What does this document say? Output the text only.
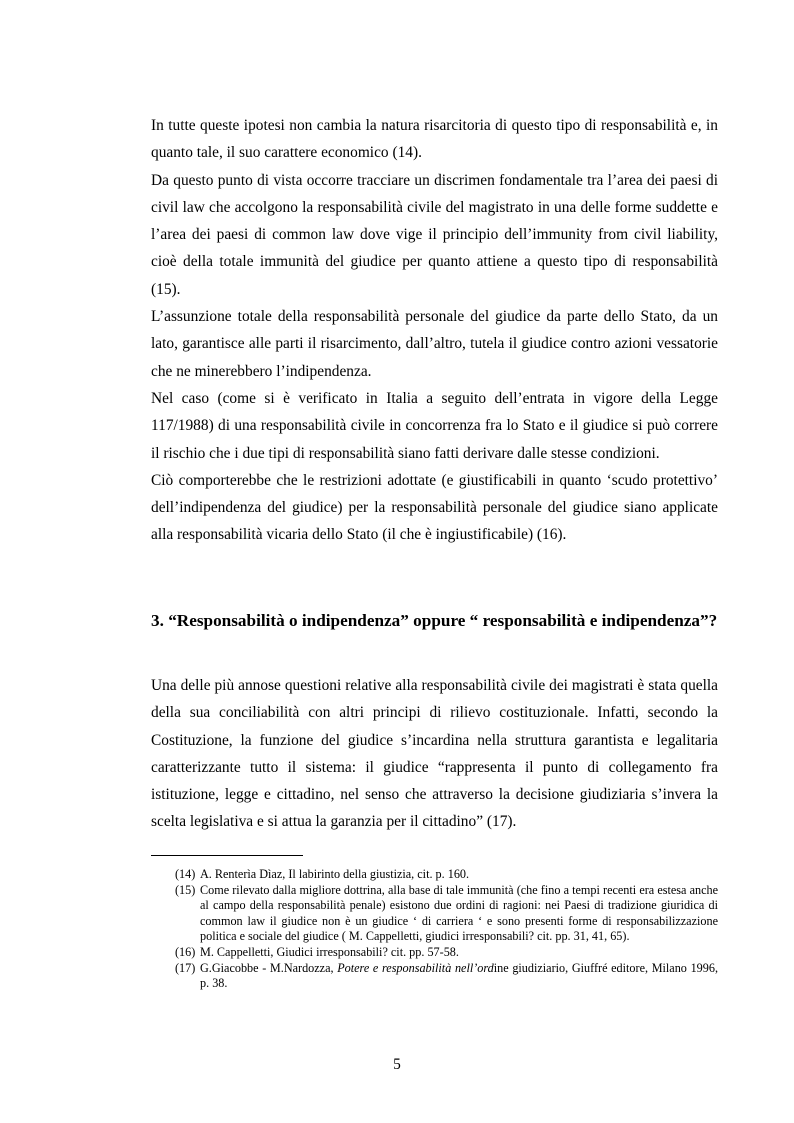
In tutte queste ipotesi non cambia la natura risarcitoria di questo tipo di responsabilità e, in quanto tale, il suo carattere economico (14).

Da questo punto di vista occorre tracciare un discrimen fondamentale tra l’area dei paesi di civil law che accolgono la responsabilità civile del magistrato in una delle forme suddette e l’area dei paesi di common law dove vige il principio dell’immunity from civil liability, cioè della totale immunità del giudice per quanto attiene a questo tipo di responsabilità (15).

L’assunzione totale della responsabilità personale del giudice da parte dello Stato, da un lato, garantisce alle parti il risarcimento, dall’altro, tutela il giudice contro azioni vessatorie che ne minerebbero l’indipendenza.

Nel caso (come si è verificato in Italia a seguito dell’entrata in vigore della Legge 117/1988) di una responsabilità civile in concorrenza fra lo Stato e il giudice si può correre il rischio che i due tipi di responsabilità siano fatti derivare dalle stesse condizioni.

Ciò comporterebbe che le restrizioni adottate (e giustificabili in quanto ‘scudo protettivo’ dell’indipendenza del giudice) per la responsabilità personale del giudice siano applicate alla responsabilità vicaria dello Stato (il che è ingiustificabile) (16).

3. “Responsabilità o indipendenza” oppure “ responsabilità e indipendenza”?

Una delle più annose questioni relative alla responsabilità civile dei magistrati è stata quella della sua conciliabilità con altri principi di rilievo costituzionale. Infatti, secondo la Costituzione, la funzione del giudice s’incardina nella struttura garantista e legalitaria caratterizzante tutto il sistema: il giudice “rappresenta il punto di collegamento fra istituzione, legge e cittadino, nel senso che attraverso la decisione giudiziaria s’invera la scelta legislativa e si attua la garanzia per il cittadino” (17).

(14) A. Renterìa Dìaz, Il labirinto della giustizia, cit. p. 160.
(15) Come rilevato dalla migliore dottrina, alla base di tale immunità (che fino a tempi recenti era estesa anche al campo della responsabilità penale) esistono due ordini di ragioni: nei Paesi di tradizione giuridica di common law il giudice non è un giudice ‘ di carriera ‘ e sono presenti forme di responsabilizzazione politica e sociale del giudice ( M. Cappelletti, giudici irresponsabili? cit. pp. 31, 41, 65).
(16) M. Cappelletti, Giudici irresponsabili? cit. pp. 57-58.
(17) G.Giacobbe - M.Nardozza, Potere e responsabilità nell’ordine giudiziario, Giuffré editore, Milano 1996, p. 38.
5
